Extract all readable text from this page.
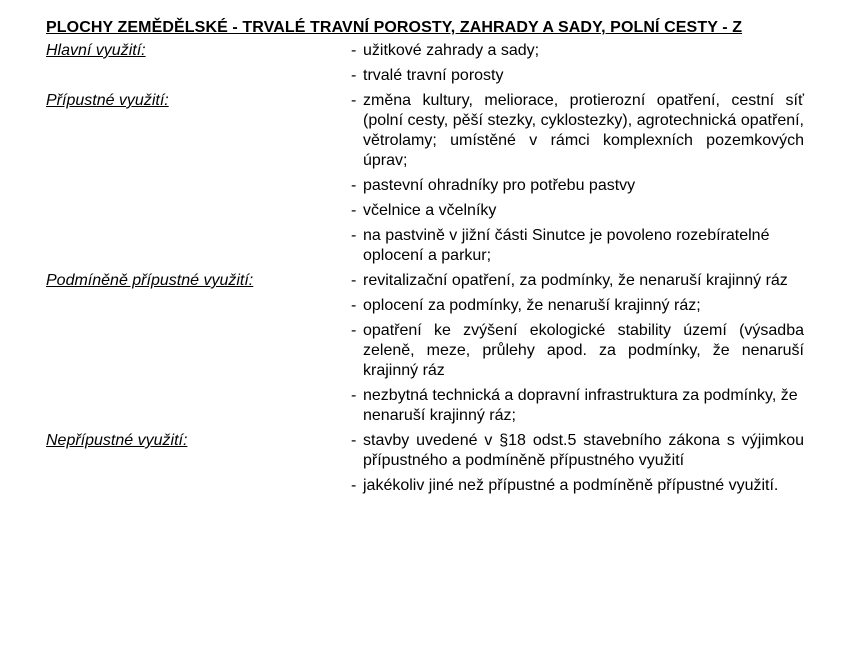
PLOCHY ZEMĚDĚLSKÉ - TRVALÉ TRAVNÍ POROSTY, ZAHRADY A SADY, POLNÍ CESTY - Z
Hlavní využití:	- užitkové zahrady a sady;
- trvalé travní porosty
Přípustné využití:	- změna kultury, meliorace, protierozní opatření, cestní síť (polní cesty, pěší stezky, cyklostezky), agrotechnická opatření, větrolamy; umístěné v rámci komplexních pozemkových úprav;
- pastevní ohradníky pro potřebu pastvy
- včelnice a včelníky
- na pastvině v jižní části Sinutce je povoleno rozebíratelné oplocení a parkur;
Podmíněně přípustné využití:	- revitalizační opatření, za podmínky, že nenaruší krajinný ráz
- oplocení za podmínky, že nenaruší krajinný ráz;
- opatření ke zvýšení ekologické stability území (výsadba zeleně, meze, průlehy apod. za podmínky, že nenaruší krajinný ráz
- nezbytná technická a dopravní infrastruktura za podmínky, že nenaruší krajinný ráz;
Nepřípustné využití:	- stavby uvedené v §18 odst.5 stavebního zákona s výjimkou přípustného a podmíněně přípustného využití
- jakékoliv jiné než přípustné a podmíněně přípustné využití.
